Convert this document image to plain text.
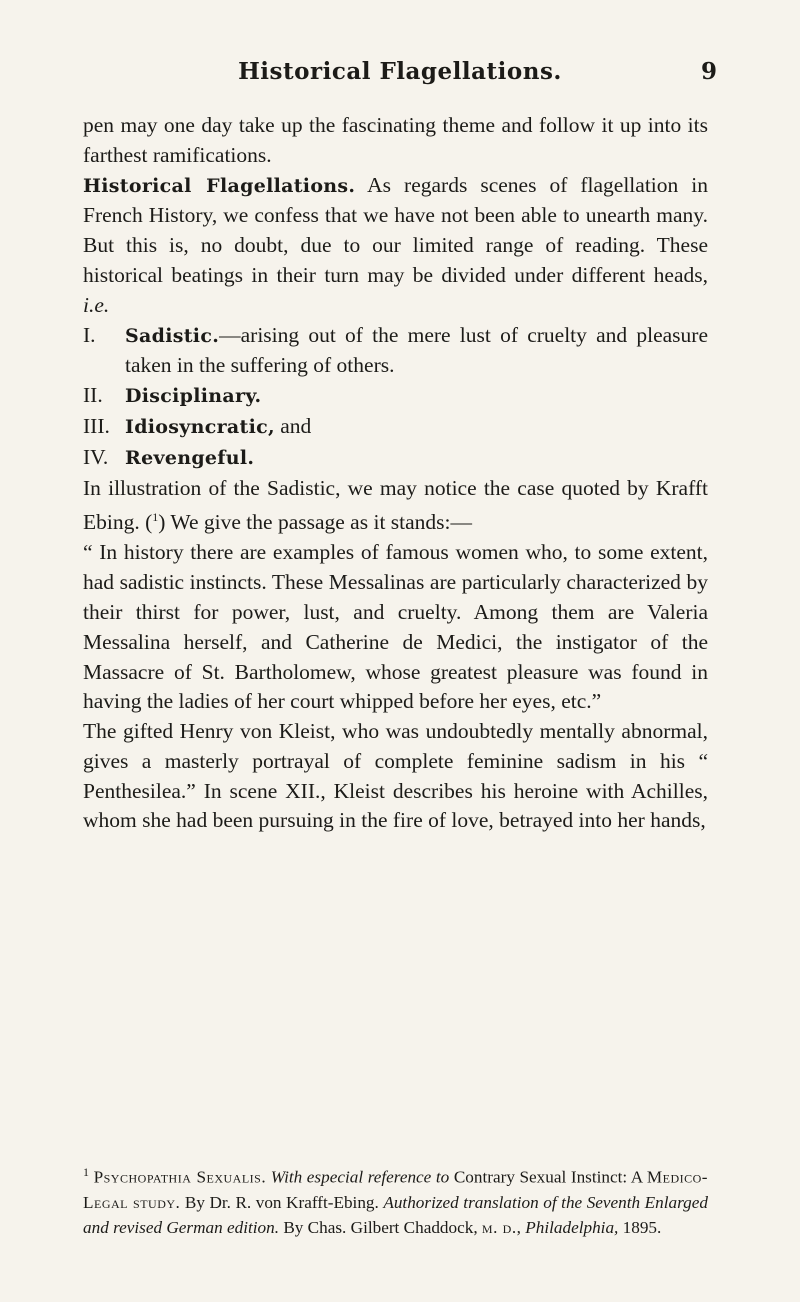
Historical Flagellations.	9

pen may one day take up the fascinating theme and follow it up into its farthest ramifications.

Historical Flagellations. As regards scenes of flagellation in French History, we confess that we have not been able to unearth many. But this is, no doubt, due to our limited range of reading. These historical beatings in their turn may be divided under different heads, i.e.

I. Sadistic.—arising out of the mere lust of cruelty and pleasure taken in the suffering of others.
II. Disciplinary.
III. Idiosyncratic, and
IV. Revengeful.

In illustration of the Sadistic, we may notice the case quoted by Krafft Ebing. ($^1$) We give the passage as it stands:—

“ In history there are examples of famous women who, to some extent, had sadistic instincts. These Messalinas are particularly characterized by their thirst for power, lust, and cruelty. Among them are Valeria Messalina herself, and Catherine de Medici, the instigator of the Massacre of St. Bartholomew, whose greatest pleasure was found in having the ladies of her court whipped before her eyes, etc.”

The gifted Henry von Kleist, who was undoubtedly mentally abnormal, gives a masterly portrayal of complete feminine sadism in his “ Penthesilea.” In scene XII., Kleist describes his heroine with Achilles, whom she had been pursuing in the fire of love, betrayed into her hands,

$^1$ Psychopathia Sexualis. With especial reference to Contrary Sexual Instinct: A Medico-Legal study. By Dr. R. von Krafft-Ebing. Authorized translation of the Seventh Enlarged and revised German edition. By Chas. Gilbert Chaddock, m. d., Philadelphia, 1895.
